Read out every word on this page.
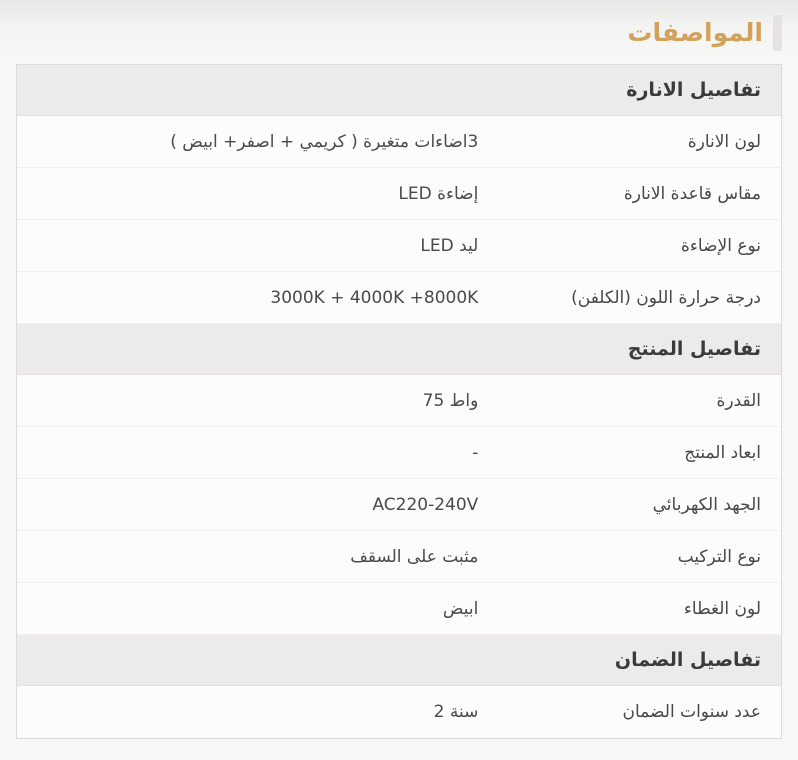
المواصفات
تفاصيل الانارة
لون الانارة
3اضاءات متغيرة ( كريمي + اصفر+ ابيض )
مقاس قاعدة الانارة
إضاءة LED
نوع الإضاءة
ليد LED
درجة حرارة اللون (الكلفن)
3000K + 4000K +8000K
تفاصيل المنتج
القدرة
واط 75
ابعاد المنتج
-
الجهد الكهربائي
AC220-240V
نوع التركيب
مثبت على السقف
لون الغطاء
ابيض
تفاصيل الضمان
عدد سنوات الضمان
سنة 2
